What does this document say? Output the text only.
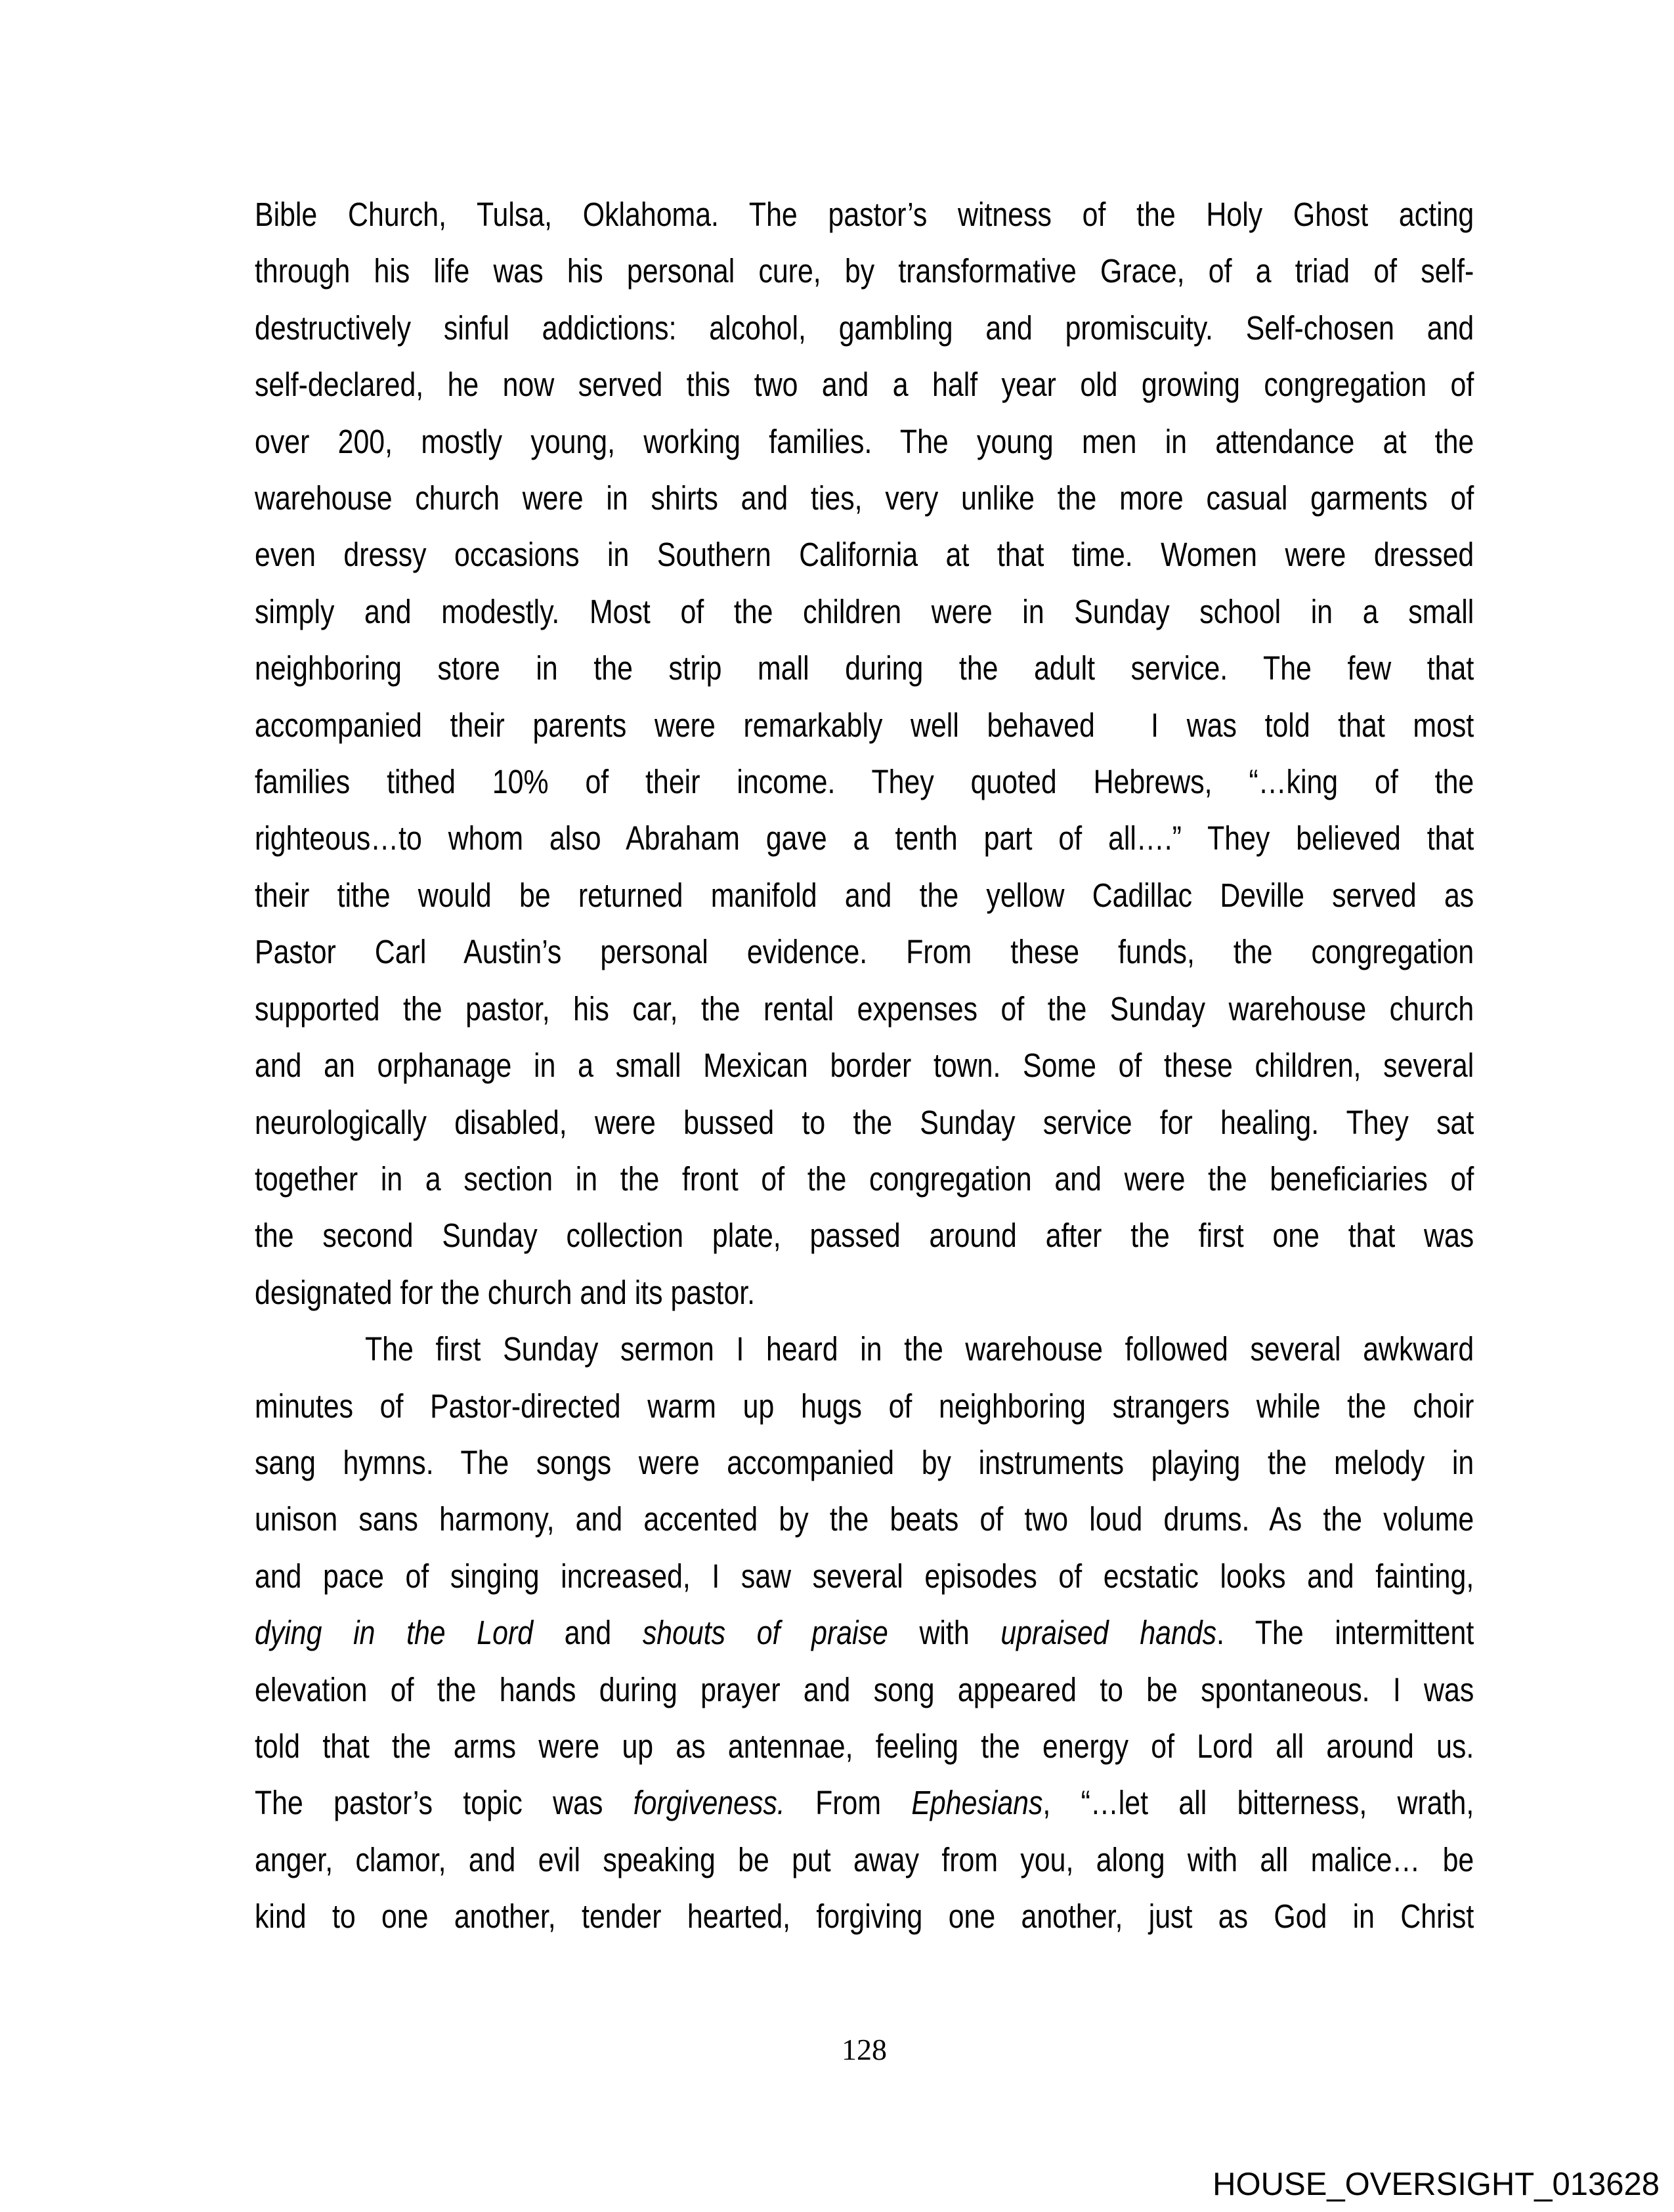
Bible Church, Tulsa, Oklahoma. The pastor’s witness of the Holy Ghost acting
through his life was his personal cure, by transformative Grace, of a triad of self-
destructively sinful addictions: alcohol, gambling and promiscuity. Self-chosen and
self-declared, he now served this two and a half year old growing congregation of
over 200, mostly young, working families. The young men in attendance at the
warehouse church were in shirts and ties, very unlike the more casual garments of
even dressy occasions in Southern California at that time. Women were dressed
simply and modestly. Most of the children were in Sunday school in a small
neighboring store in the strip mall during the adult service. The few that
accompanied their parents were remarkably well behaved  I was told that most
families tithed 10% of their income. They quoted Hebrews, “…king of the
righteous…to whom also Abraham gave a tenth part of all….” They believed that
their tithe would be returned manifold and the yellow Cadillac Deville served as
Pastor Carl Austin’s personal evidence. From these funds, the congregation
supported the pastor, his car, the rental expenses of the Sunday warehouse church
and an orphanage in a small Mexican border town. Some of these children, several
neurologically disabled, were bussed to the Sunday service for healing. They sat
together in a section in the front of the congregation and were the beneficiaries of
the second Sunday collection plate, passed around after the first one that was
designated for the church and its pastor.
The first Sunday sermon I heard in the warehouse followed several awkward
minutes of Pastor-directed warm up hugs of neighboring strangers while the choir
sang hymns. The songs were accompanied by instruments playing the melody in
unison sans harmony, and accented by the beats of two loud drums. As the volume
and pace of singing increased, I saw several episodes of ecstatic looks and fainting,
dying in the Lord and shouts of praise with upraised hands. The intermittent
elevation of the hands during prayer and song appeared to be spontaneous. I was
told that the arms were up as antennae, feeling the energy of Lord all around us.
The pastor’s topic was forgiveness. From Ephesians, “…let all bitterness, wrath,
anger, clamor, and evil speaking be put away from you, along with all malice… be
kind to one another, tender hearted, forgiving one another, just as God in Christ
128
HOUSE_OVERSIGHT_013628
